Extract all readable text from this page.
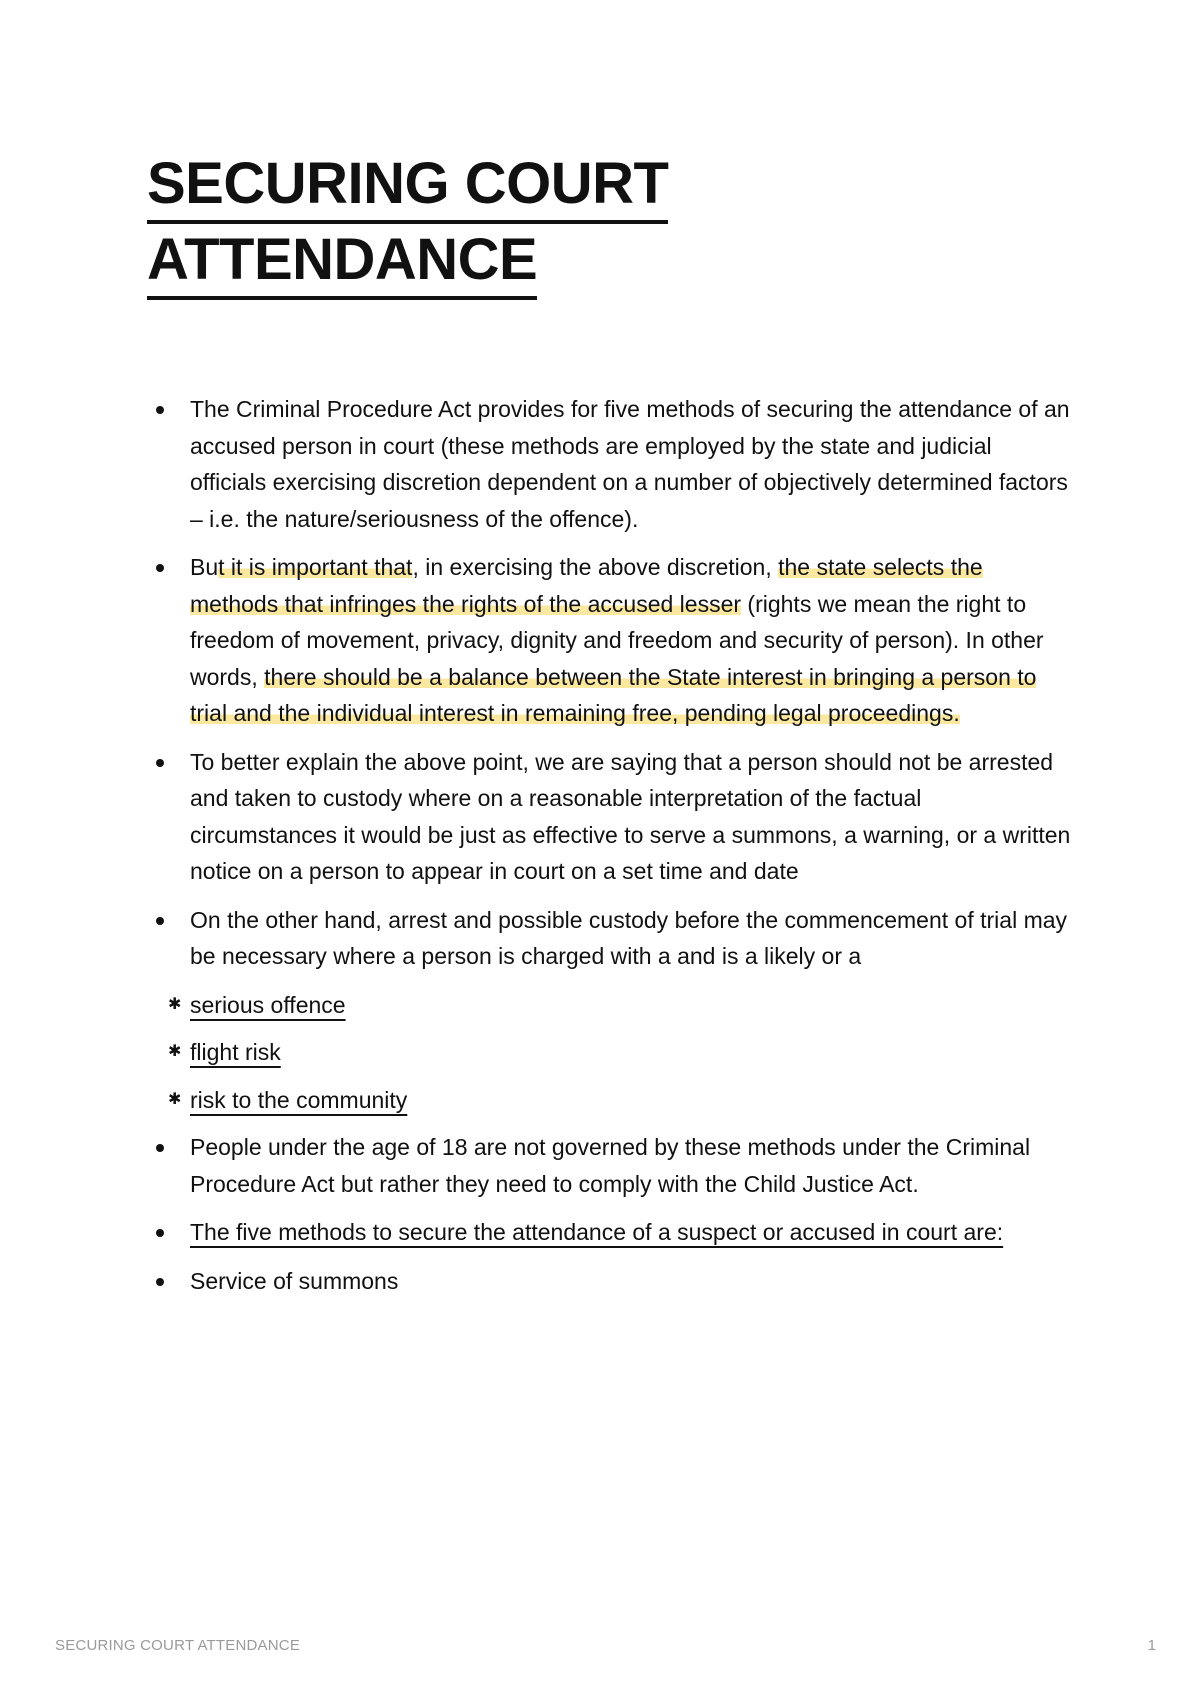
SECURING COURT
ATTENDANCE
The Criminal Procedure Act provides for five methods of securing the attendance of an accused person in court (these methods are employed by the state and judicial officials exercising discretion dependent on a number of objectively determined factors – i.e. the nature/seriousness of the offence).
But it is important that, in exercising the above discretion, the state selects the methods that infringes the rights of the accused lesser (rights we mean the right to freedom of movement, privacy, dignity and freedom and security of person). In other words, there should be a balance between the State interest in bringing a person to trial and the individual interest in remaining free, pending legal proceedings.
To better explain the above point, we are saying that a person should not be arrested and taken to custody where on a reasonable interpretation of the factual circumstances it would be just as effective to serve a summons, a warning, or a written notice on a person to appear in court on a set time and date
On the other hand, arrest and possible custody before the commencement of trial may be necessary where a person is charged with a and is a likely or a
✱ serious offence
✱ flight risk
✱ risk to the community
People under the age of 18 are not governed by these methods under the Criminal Procedure Act but rather they need to comply with the Child Justice Act.
The five methods to secure the attendance of a suspect or accused in court are:
Service of summons
SECURING COURT ATTENDANCE	1
